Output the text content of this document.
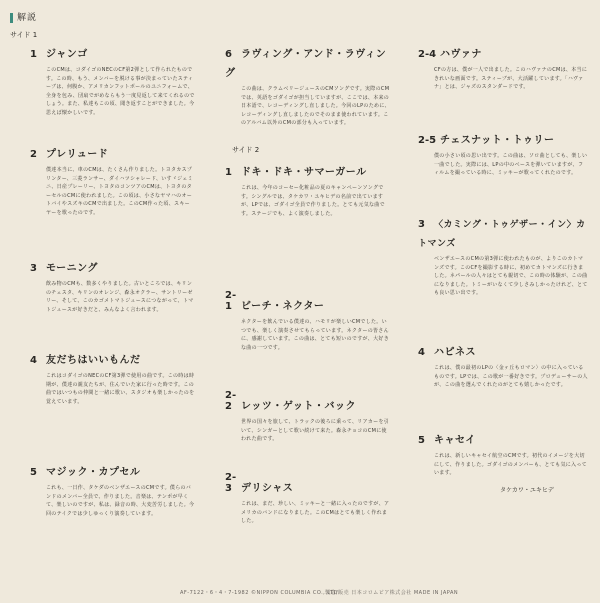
解説
サイド 1
サイド 2
1 ジャンゴ
このCMは、コダイゴのNECのCF第2弾として作られたものです。この時、もう、メンバーを脱ける事が決まっていたスティーブは、何腹か、アメリカンフットボールのユニフォームで、全身を包み、団扇でがめならもう一度見返して来てくれるのでしょう。また、私達もこの頃、聞き返すことができました。今思えば懐かしいです。
2 プレリュード
僕達本当に、車のCMは、たくさん作りました。トヨタカスプリンター、三菱ランサー、ダイハツシャレード、いすゞジェミニ、日産プレーリー、トヨタのコンツアのCMは、トヨタのターセルのCMに使われました。この頃は、小さなヤマハのオートバイやスズキのCMで出ました。このCM作った頃、スキーヤーを歌ったのです。
3 モーニング
飲み物のCMも、数多くやりました。古いところでは、キリンのチェスタ、キリンのオレンジ、森永オクラー、サントリーゼリー、そして、このカゴメトマトジュースにつながって、トマトジュースが好きだと、みんなよく言われます。
4 友だちはいいもんだ
これはコダイゴのNECのCF第3弾で使用の曲です。この時は時期が、僕達の親友たちが、住んでいた家に行った時です。この曲ではいつもの仲間と一緒に歌い、スタジオも楽しかったのを覚えています。
5 マジック・カプセル
これも、一日作、タケダのベンザエースのCMです。僕らのバンドのメンバー全員で、作りました。音楽は、テンポが早くて、楽しいのですが、私は、録音の時、大変苦労しました。今回のテイクでは少しゆっくり演奏しています。
6 ラヴィング・アンド・ラヴィング
この曲は、クラムベリージュースのCMソングです。実際のCMでは、英語をゴダイゴが担当していますが、ここでは、本来の日本語で、レコーディングし直しました。今回のLPのために、レコーディングし直しましたのでそのまま使われています。このアルバム以外のCMの部分も入っています。
1 ドキ・ドキ・サマーガール
これは、今年のコーセー化粧品の夏のキャンペーンソングです。シングルでは、タケカワ・ユキヒデの名前で出ていますが、LPでは、ゴダイゴ全員で作りました。とても元気な曲です。ステージでも、よく演奏しました。
2-1 ビーチ・ネクター
ネクターを飲んでいる僕達の、ハモリが楽しいCMでした。いつでも、楽しく演奏させてもらっています。ネクターの皆さんに、感謝しています。この曲は、とても短いのですが、大好きな曲の一つです。
2-2 レッツ・ゲット・バック
世界の国々を旅して、トラックの後ろに乗って、リアカーを引いて、シンガーとして歌い続けて来た。森永チョコのCMに使われた曲です。
2-3 デリシャス
これは、まだ、珍しい、ミッキーと一緒に入ったのですが、アメリカのバンドになりました。このCMはとても楽しく作れました。
2-4 ハヴァナ
CFの方は、僕が一人で出ました。このハヴァナのCMは、本当にきれいな画面です。スティーブが、大活躍しています。「ハヴァナ」とは、ジャズのスタンダードです。
2-5 チェスナット・トゥリー
僕の小さい頃の思い出です。この曲は、ソロ曲としても、楽しい一曲でした。実際には、LPの中のベースを弾いていますが、フィルムを撮っている時に、ミッキーが歌ってくれたのです。
3 〈カミング・トゥゲザー・イン〉カトマンズ
ベンザエースのCMの第3弾に使われたものが、よりこのカトマンズです。このCFを撮影する時に、初めてカトマンズに行きました。ネパールの人々はとても親切で、この時の体験が、この曲になりました。トミーがいなくて少しさみしかったけれど、とても良い思い出です。
4 ハピネス
これは、僕の最初のLPの〈金ヶ丘もロマン〉の中に入っているものです。LPでは、この歌が一番好きです。プロデューサーの人が、この曲を選んでくれたのがとても嬉しかったです。
5 キャセイ
これは、新しいキャセイ航空のCMです。初代のイメージを大切にして、作りました。ゴダイゴのメンバーも、とても気に入っています。
タケカワ・ユキヒデ
AF-7122・6・4・7-1982 ©NIPPON COLUMBIA CO., LTD.
製造/販売 日本コロムビア株式会社 MADE IN JAPAN
